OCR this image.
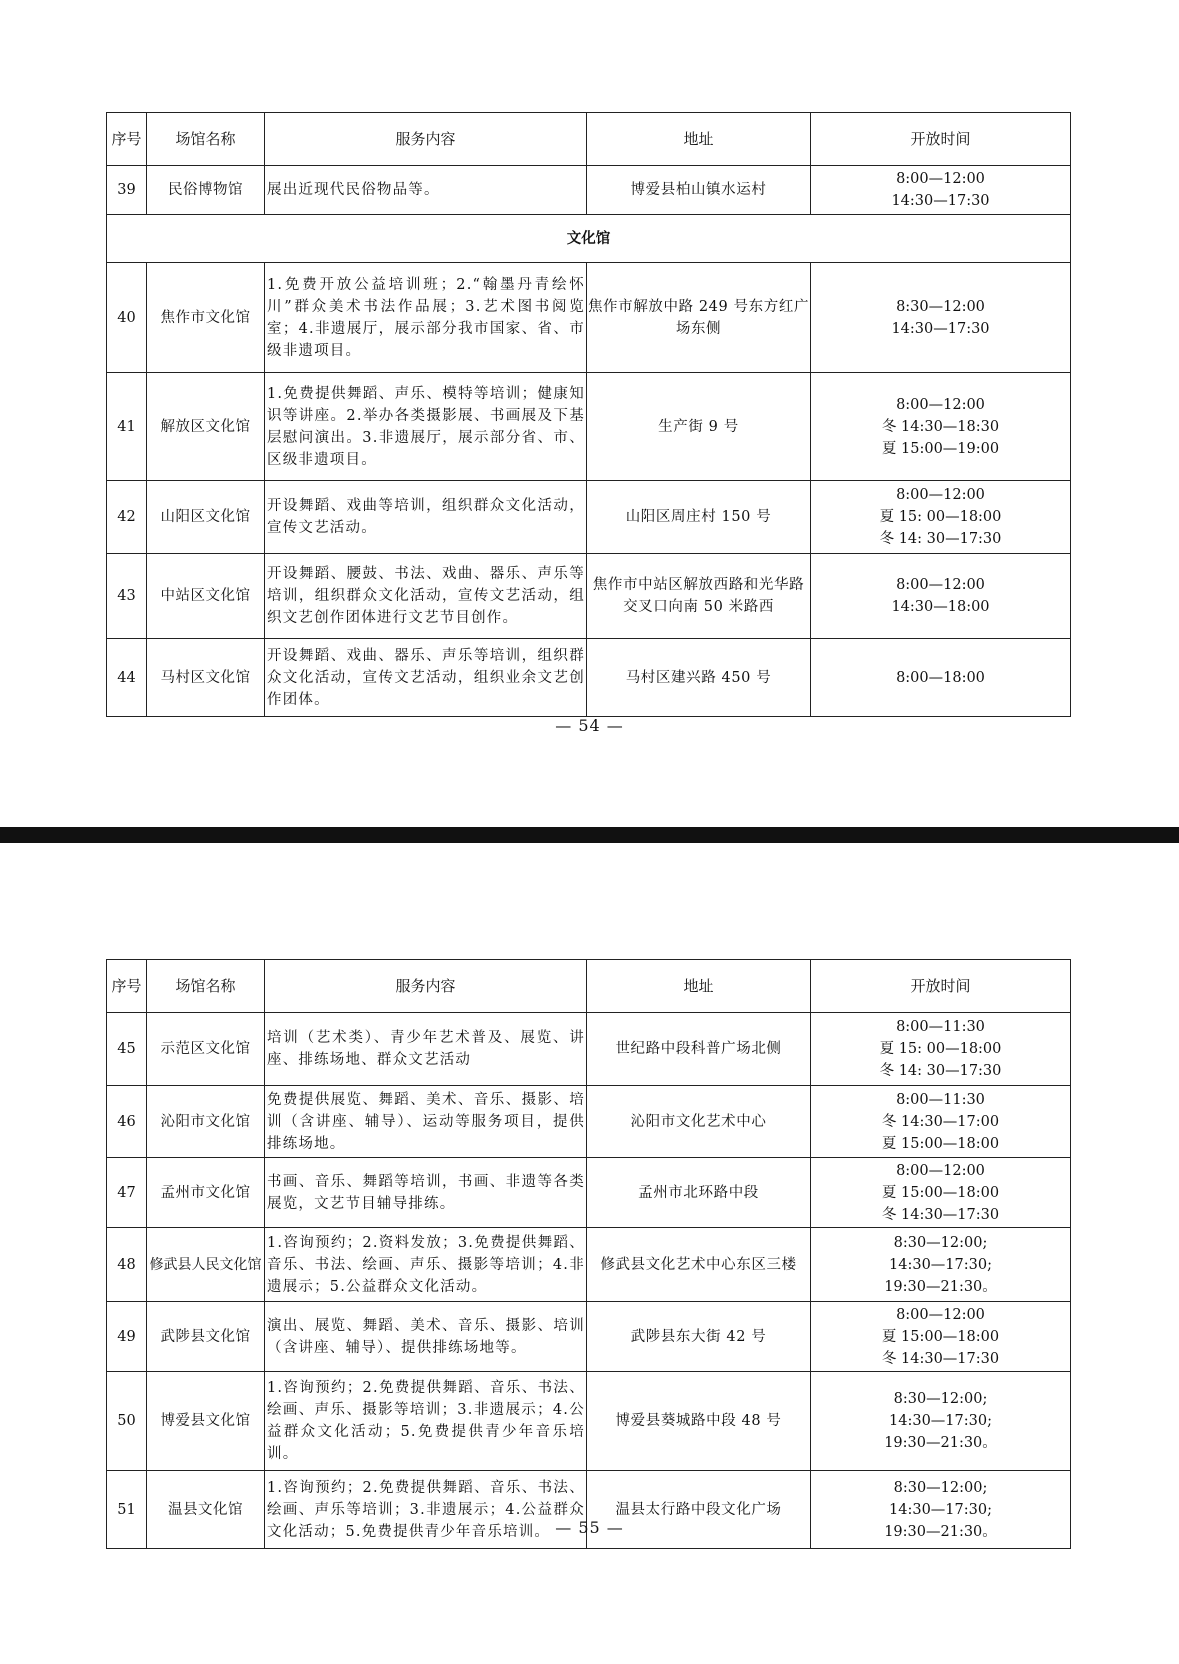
序号	场馆名称	服务内容	地址	开放时间
39	民俗博物馆	展出近现代民俗物品等。	博爱县柏山镇水运村	8:00—12:00
14:30—17:30

文化馆				
40	焦作市文化馆	1.免费开放公益培训班；2.“翰墨丹青绘怀川”群众美术书法作品展；3.艺术图书阅览室；4.非遗展厅，展示部分我市国家、省、市级非遗项目。	焦作市解放中路 249 号东方红广场东侧	8:30—12:00
14:30—17:30

41	解放区文化馆	1.免费提供舞蹈、声乐、模特等培训；健康知识等讲座。2.举办各类摄影展、书画展及下基层慰问演出。3.非遗展厅，展示部分省、市、区级非遗项目。	生产街 9 号	8:00—12:00
冬 14:30—18:30
夏 15:00—19:00

42	山阳区文化馆	开设舞蹈、戏曲等培训，组织群众文化活动，宣传文艺活动。	山阳区周庄村 150 号	8:00—12:00
夏 15: 00—18:00
冬 14: 30—17:30

43	中站区文化馆	开设舞蹈、腰鼓、书法、戏曲、器乐、声乐等培训，组织群众文化活动，宣传文艺活动，组织文艺创作团体进行文艺节目创作。	焦作市中站区解放西路和光华路交叉口向南 50 米路西	8:00—12:00
14:30—18:00

44	马村区文化馆	开设舞蹈、戏曲、器乐、声乐等培训，组织群众文化活动，宣传文艺活动，组织业余文艺创作团体。	马村区建兴路 450 号	8:00—18:00
— 54 —
序号	场馆名称	服务内容	地址	开放时间
45	示范区文化馆	培训（艺术类）、青少年艺术普及、展览、讲座、排练场地、群众文艺活动	世纪路中段科普广场北侧	8:00—11:30
夏 15: 00—18:00
冬 14: 30—17:30

46	沁阳市文化馆	免费提供展览、舞蹈、美术、音乐、摄影、培训（含讲座、辅导）、运动等服务项目，提供排练场地。	沁阳市文化艺术中心	8:00—11:30
冬 14:30—17:00
夏 15:00—18:00

47	孟州市文化馆	书画、音乐、舞蹈等培训，书画、非遗等各类展览，文艺节目辅导排练。	孟州市北环路中段	8:00—12:00
夏 15:00—18:00
冬 14:30—17:30

48	修武县人民文化馆	1.咨询预约；2.资料发放；3.免费提供舞蹈、音乐、书法、绘画、声乐、摄影等培训；4.非遗展示；5.公益群众文化活动。	修武县文化艺术中心东区三楼	8:30—12:00;
14:30—17:30;
19:30—21:30。

49	武陟县文化馆	演出、展览、舞蹈、美术、音乐、摄影、培训（含讲座、辅导）、提供排练场地等。	武陟县东大街 42 号	8:00—12:00
夏 15:00—18:00
冬 14:30—17:30

50	博爱县文化馆	1.咨询预约；2.免费提供舞蹈、音乐、书法、绘画、声乐、摄影等培训；3.非遗展示；4.公益群众文化活动；5.免费提供青少年音乐培训。	博爱县葵城路中段 48 号	8:30—12:00;
14:30—17:30;
19:30—21:30。

51	温县文化馆	1.咨询预约；2.免费提供舞蹈、音乐、书法、绘画、声乐等培训；3.非遗展示；4.公益群众文化活动；5.免费提供青少年音乐培训。	温县太行路中段文化广场	8:30—12:00;
14:30—17:30;
19:30—21:30。
— 55 —
